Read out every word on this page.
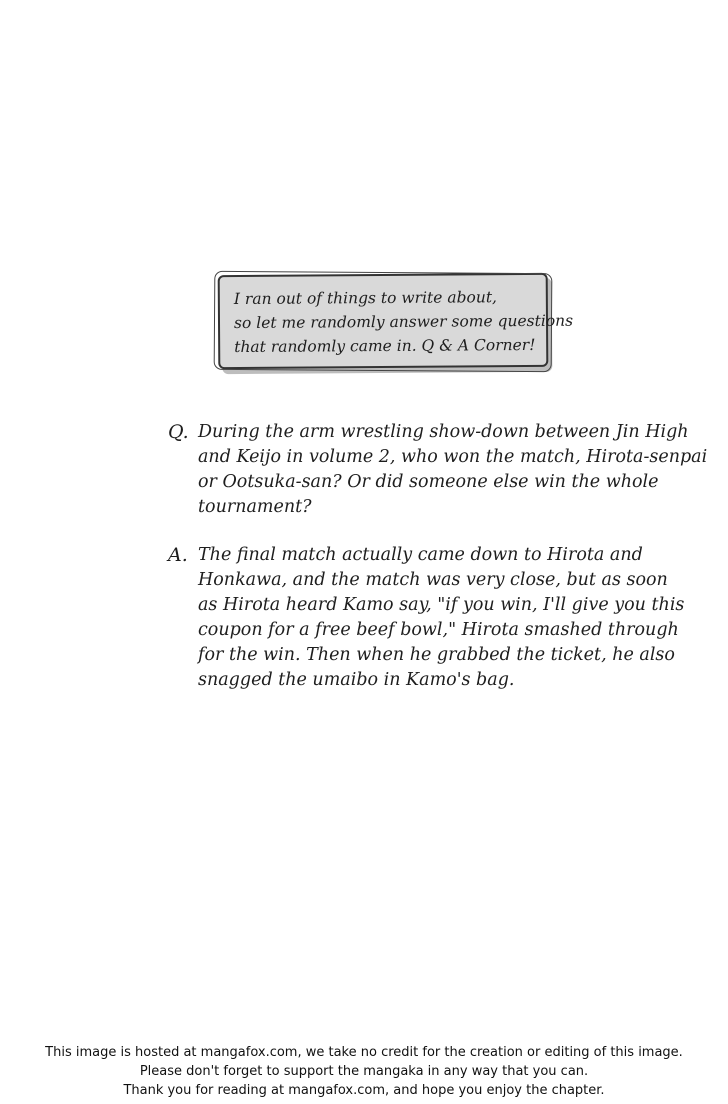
I ran out of things to write about,
so let me randomly answer some questions
that randomly came in. Q & A Corner!
Q. During the arm wrestling show-down between Jin High
and Keijo in volume 2, who won the match, Hirota-senpai
or Ootsuka-san? Or did someone else win the whole
tournament?
A. The final match actually came down to Hirota and
Honkawa, and the match was very close, but as soon
as Hirota heard Kamo say, "if you win, I'll give you this
coupon for a free beef bowl," Hirota smashed through
for the win. Then when he grabbed the ticket, he also
snagged the umaibo in Kamo's bag.
This image is hosted at mangafox.com, we take no credit for the creation or editing of this image.
Please don't forget to support the mangaka in any way that you can.
Thank you for reading at mangafox.com, and hope you enjoy the chapter.
